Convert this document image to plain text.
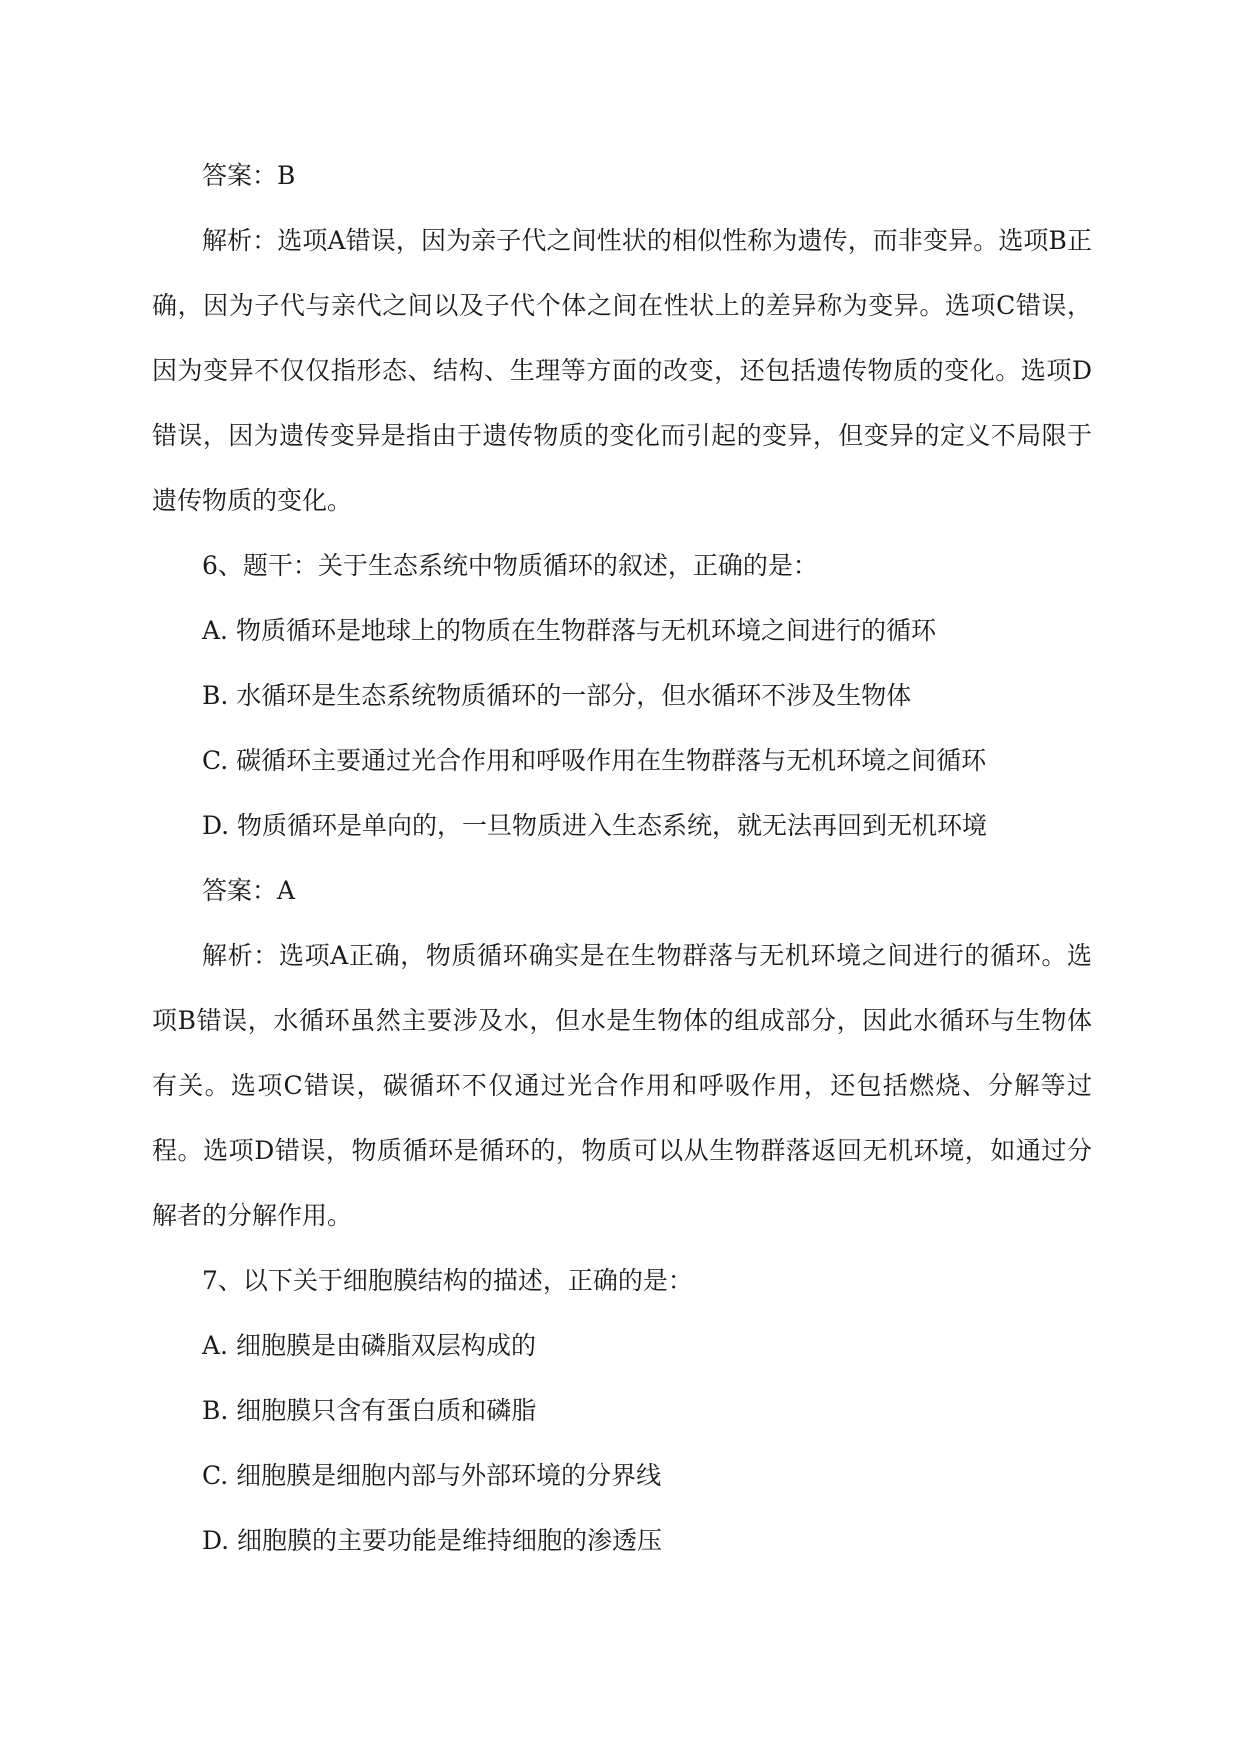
答案：B

解析：选项A错误，因为亲子代之间性状的相似性称为遗传，而非变异。选项B正确，因为子代与亲代之间以及子代个体之间在性状上的差异称为变异。选项C错误，因为变异不仅仅指形态、结构、生理等方面的改变，还包括遗传物质的变化。选项D错误，因为遗传变异是指由于遗传物质的变化而引起的变异，但变异的定义不局限于遗传物质的变化。

6、题干：关于生态系统中物质循环的叙述，正确的是：

A. 物质循环是地球上的物质在生物群落与无机环境之间进行的循环

B. 水循环是生态系统物质循环的一部分，但水循环不涉及生物体

C. 碳循环主要通过光合作用和呼吸作用在生物群落与无机环境之间循环

D. 物质循环是单向的，一旦物质进入生态系统，就无法再回到无机环境

答案：A

解析：选项A正确，物质循环确实是在生物群落与无机环境之间进行的循环。选项B错误，水循环虽然主要涉及水，但水是生物体的组成部分，因此水循环与生物体有关。选项C错误，碳循环不仅通过光合作用和呼吸作用，还包括燃烧、分解等过程。选项D错误，物质循环是循环的，物质可以从生物群落返回无机环境，如通过分解者的分解作用。

7、以下关于细胞膜结构的描述，正确的是：

A. 细胞膜是由磷脂双层构成的

B. 细胞膜只含有蛋白质和磷脂

C. 细胞膜是细胞内部与外部环境的分界线

D. 细胞膜的主要功能是维持细胞的渗透压
